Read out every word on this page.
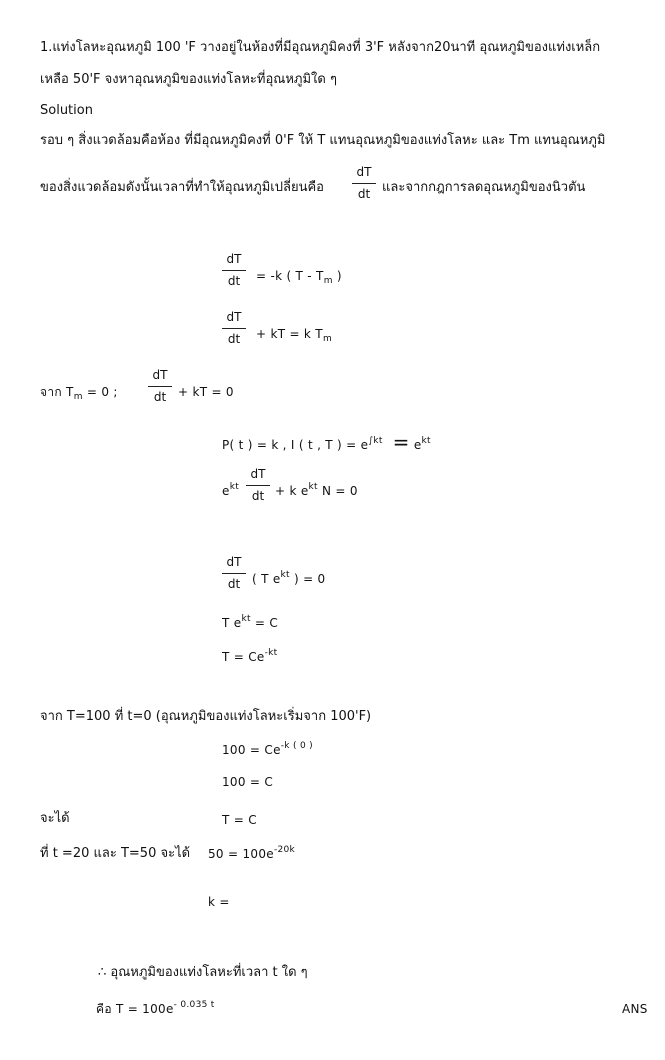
1.แท่งโลหะอุณหภูมิ 100 'F วางอยู่ในห้องที่มีอุณหภูมิคงที่ 3'F หลังจาก20นาที อุณหภูมิของแท่งเหล็ก
เหลือ 50'F จงหาอุณหภูมิของแท่งโลหะที่อุณหภูมิใด ๆ
Solution
รอบ ๆ สิ่งแวดล้อมคือห้อง ที่มีอุณหภูมิคงที่ 0'F ให้ T แทนอุณหภูมิของแท่งโลหะ และ Tm แทนอุณหภูมิ
ของสิ่งแวดล้อมดังนั้นเวลาที่ทำให้อุณหภูมิเปลี่ยนคือ
dT
dt และจากกฎการลดอุณหภูมิของนิวตัน
dT
dt	= -k ( T - $T_m$ )
dT
dt	+ kT = k $T_m$
จาก $T_m = 0$ ;
dT
dt + kT = 0
P( t ) = k , I ( t , T ) = $e^{\int kt} = e^{kt}$
$e^{kt}$
dT
dt + k $e^{kt}$ N = 0
dT
dt ( T $e^{kt}$ ) = 0
T $e^{kt} = C$
$T = Ce^{-kt}$
จาก T=100 ที่ t=0 (อุณหภูมิของแท่งโลหะเริ่มจาก 100'F)
$100 = Ce^{-k ( 0 )}$
100 = C
จะได้	T = C
ที่ t =20 และ T=50 จะได้ $50 = 100e^{-20k}$
k =
∴ อุณหภูมิของแท่งโลหะที่เวลา t ใด ๆ
คือ $T = 100e^{- 0.035 t}$	ANS
